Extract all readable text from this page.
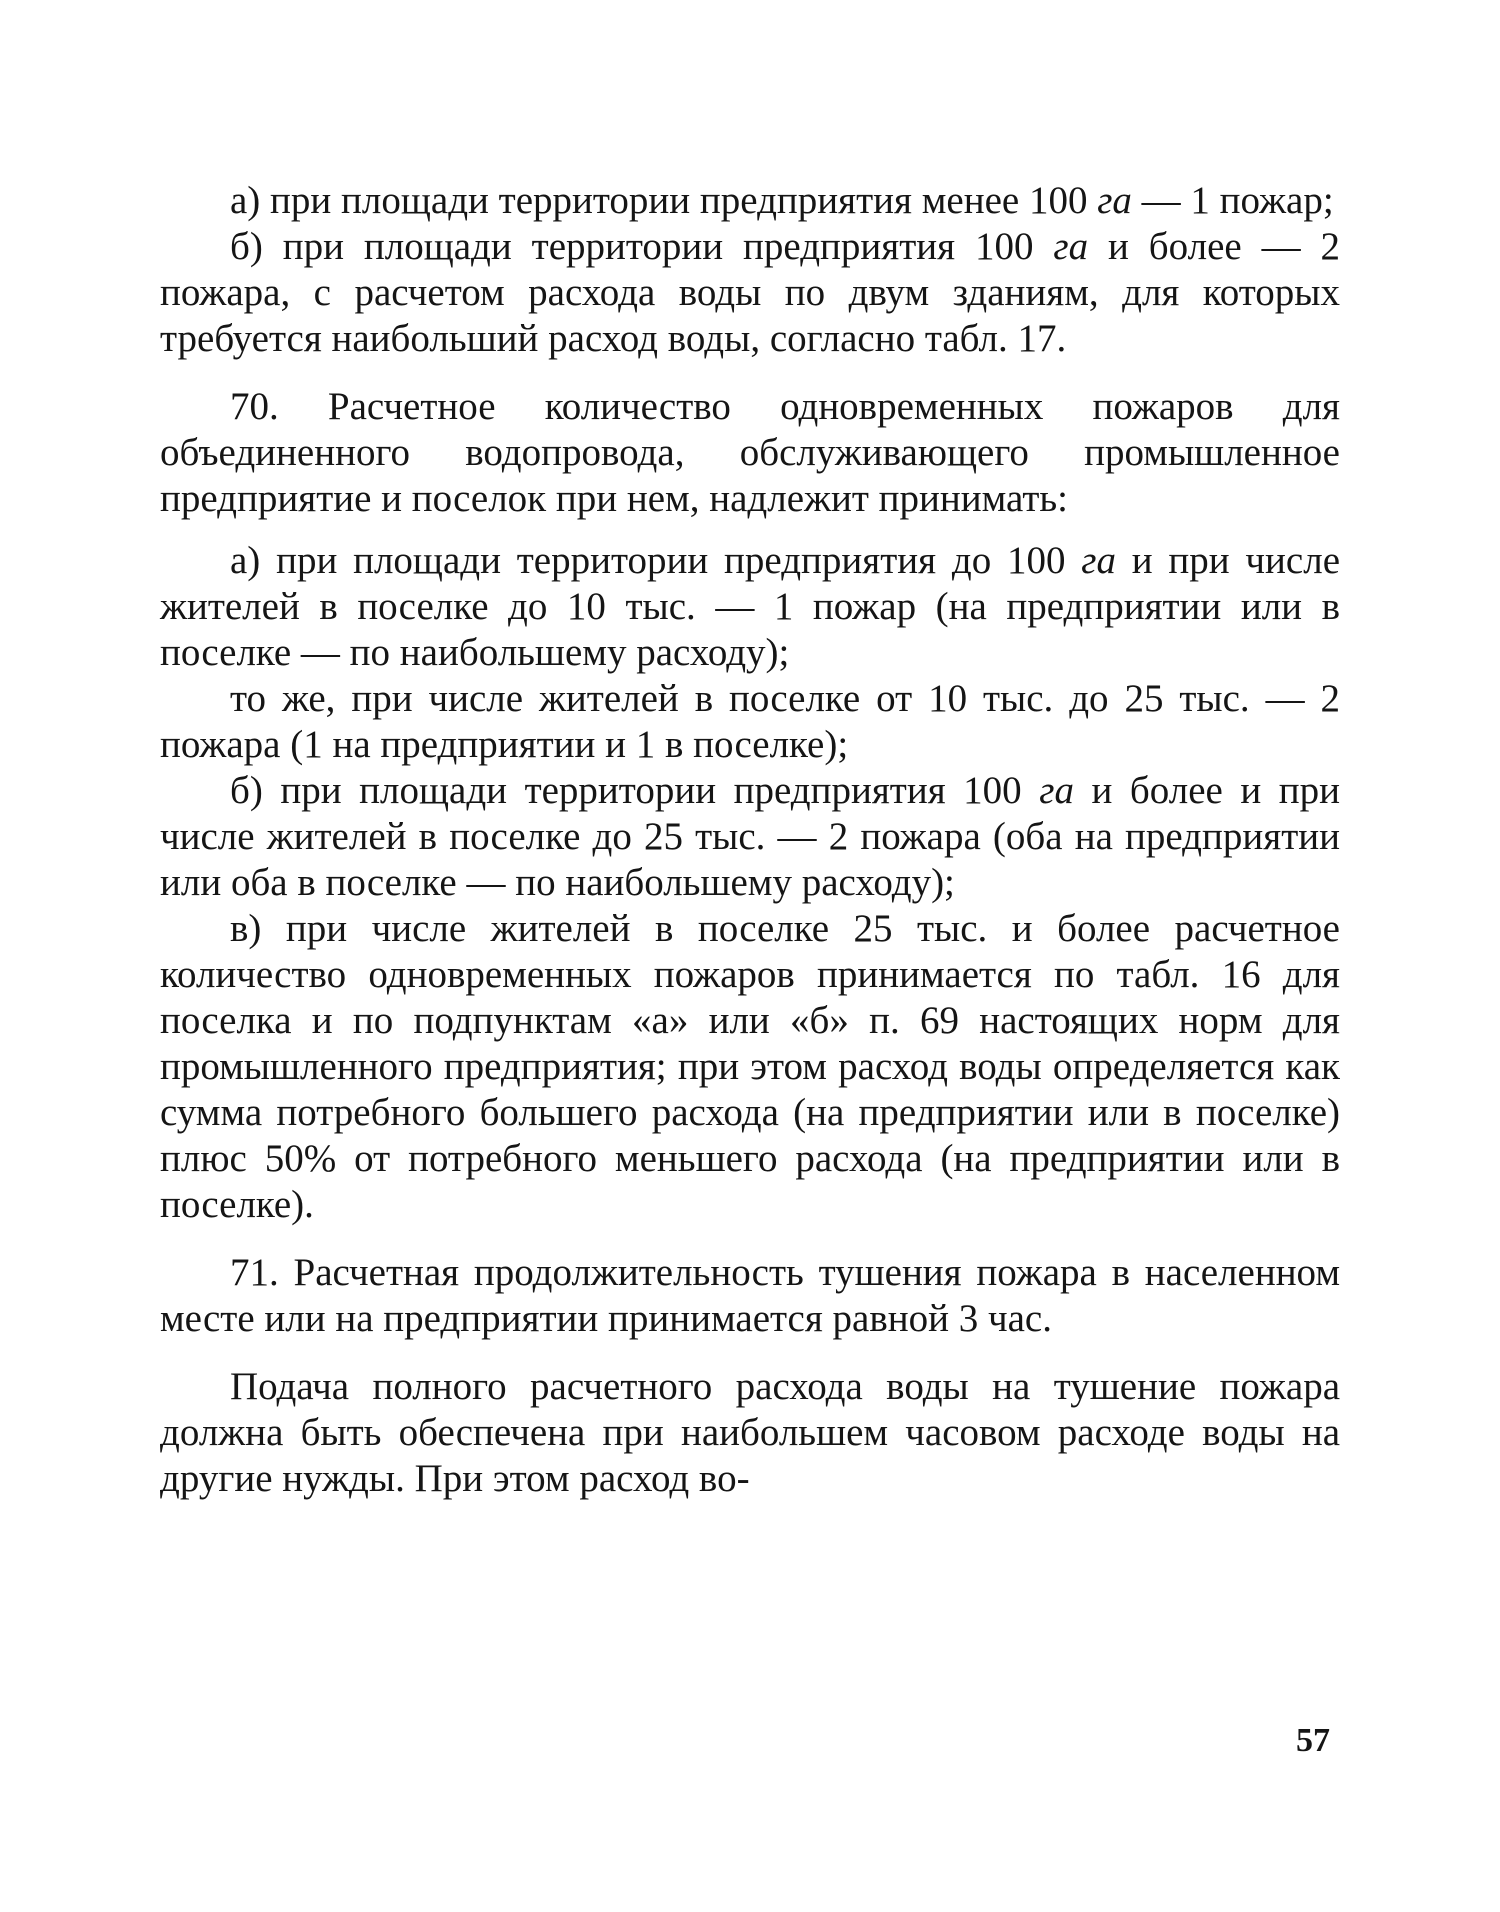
а) при площади территории предприятия менее 100 га — 1 пожар;

б) при площади территории предприятия 100 га и более — 2 пожара, с расчетом расхода воды по двум зданиям, для которых требуется наибольший расход воды, согласно табл. 17.

70. Расчетное количество одновременных пожаров для объединенного водопровода, обслуживающего промышленное предприятие и поселок при нем, надлежит принимать:

а) при площади территории предприятия до 100 га и при числе жителей в поселке до 10 тыс. — 1 пожар (на предприятии или в поселке — по наибольшему расходу);

то же, при числе жителей в поселке от 10 тыс. до 25 тыс. — 2 пожара (1 на предприятии и 1 в поселке);

б) при площади территории предприятия 100 га и более и при числе жителей в поселке до 25 тыс. — 2 пожара (оба на предприятии или оба в поселке — по наибольшему расходу);

в) при числе жителей в поселке 25 тыс. и более расчетное количество одновременных пожаров принимается по табл. 16 для поселка и по подпунктам «а» или «б» п. 69 настоящих норм для промышленного предприятия; при этом расход воды определяется как сумма потребного большего расхода (на предприятии или в поселке) плюс 50% от потребного меньшего расхода (на предприятии или в поселке).

71. Расчетная продолжительность тушения пожара в населенном месте или на предприятии принимается равной 3 час.

Подача полного расчетного расхода воды на тушение пожара должна быть обеспечена при наибольшем часовом расходе воды на другие нужды. При этом расход во-

57
